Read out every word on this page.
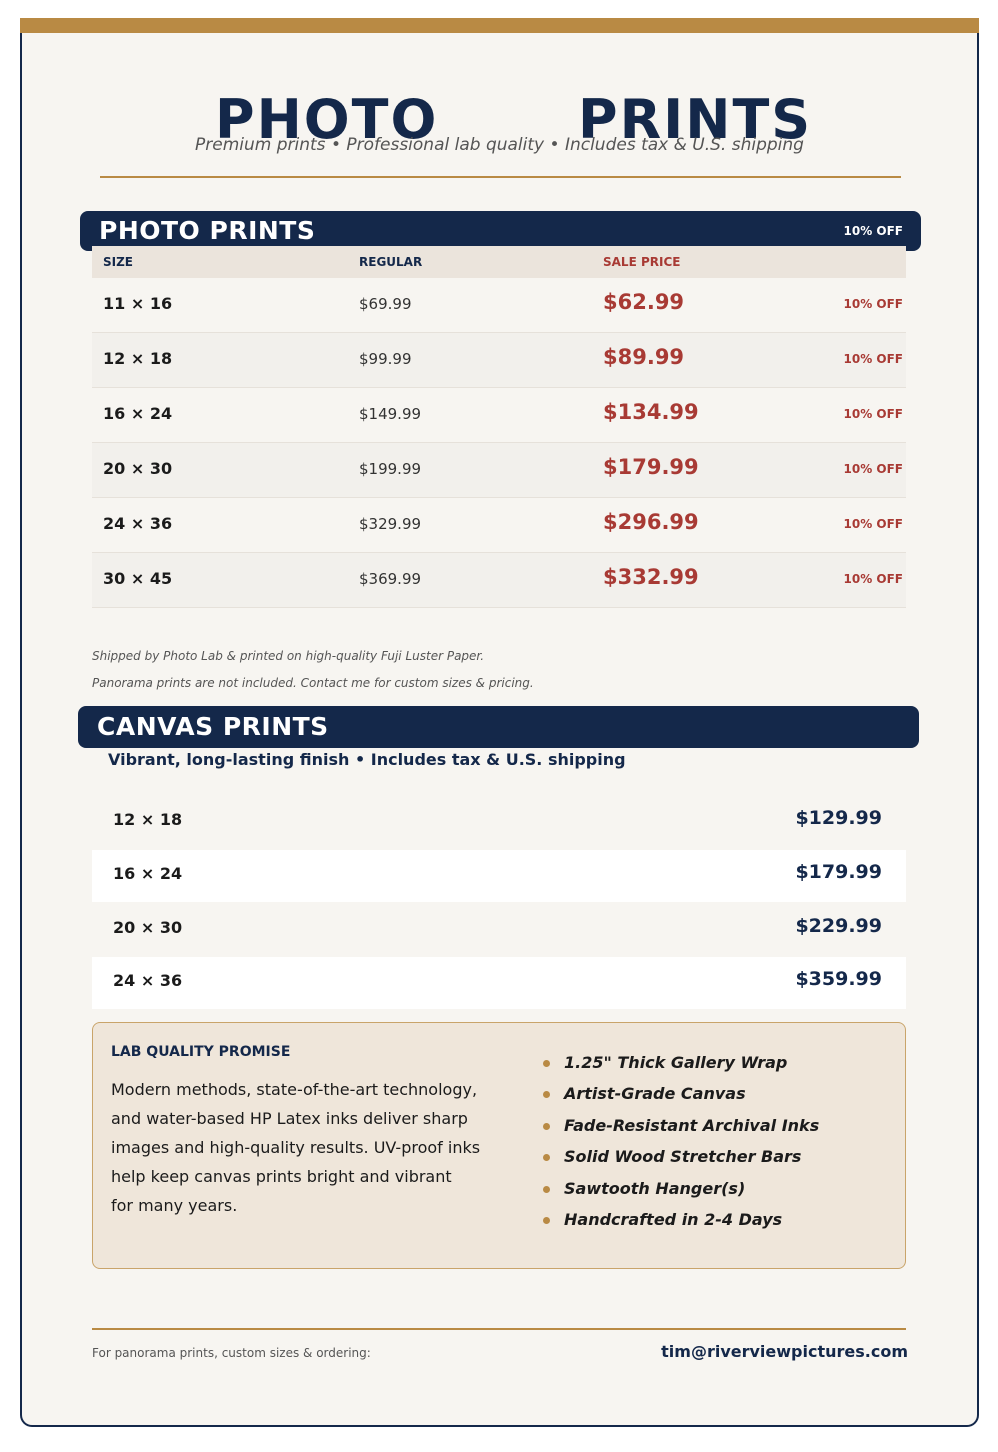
PHOTO	PRINTS
Premium prints • Professional lab quality • Includes tax & U.S. shipping
PHOTO PRINTS	10% OFF
SIZE	REGULAR	SALE PRICE
11 × 16	$69.99	$62.99	10% OFF
12 × 18	$99.99	$89.99	10% OFF
16 × 24	$149.99	$134.99	10% OFF
20 × 30	$199.99	$179.99	10% OFF
24 × 36	$329.99	$296.99	10% OFF
30 × 45	$369.99	$332.99	10% OFF
Shipped by Photo Lab & printed on high-quality Fuji Luster Paper.
Panorama prints are not included. Contact me for custom sizes & pricing.
CANVAS PRINTS
Vibrant, long-lasting finish • Includes tax & U.S. shipping
12 × 18	$129.99
16 × 24	$179.99
20 × 30	$229.99
24 × 36	$359.99
LAB QUALITY PROMISE
Modern methods, state-of-the-art technology,
and water-based HP Latex inks deliver sharp
images and high-quality results. UV-proof inks
help keep canvas prints bright and vibrant
for many years.
1.25" Thick Gallery Wrap
Artist-Grade Canvas
Fade-Resistant Archival Inks
Solid Wood Stretcher Bars
Sawtooth Hanger(s)
Handcrafted in 2-4 Days
For panorama prints, custom sizes & ordering:	tim@riverviewpictures.com
